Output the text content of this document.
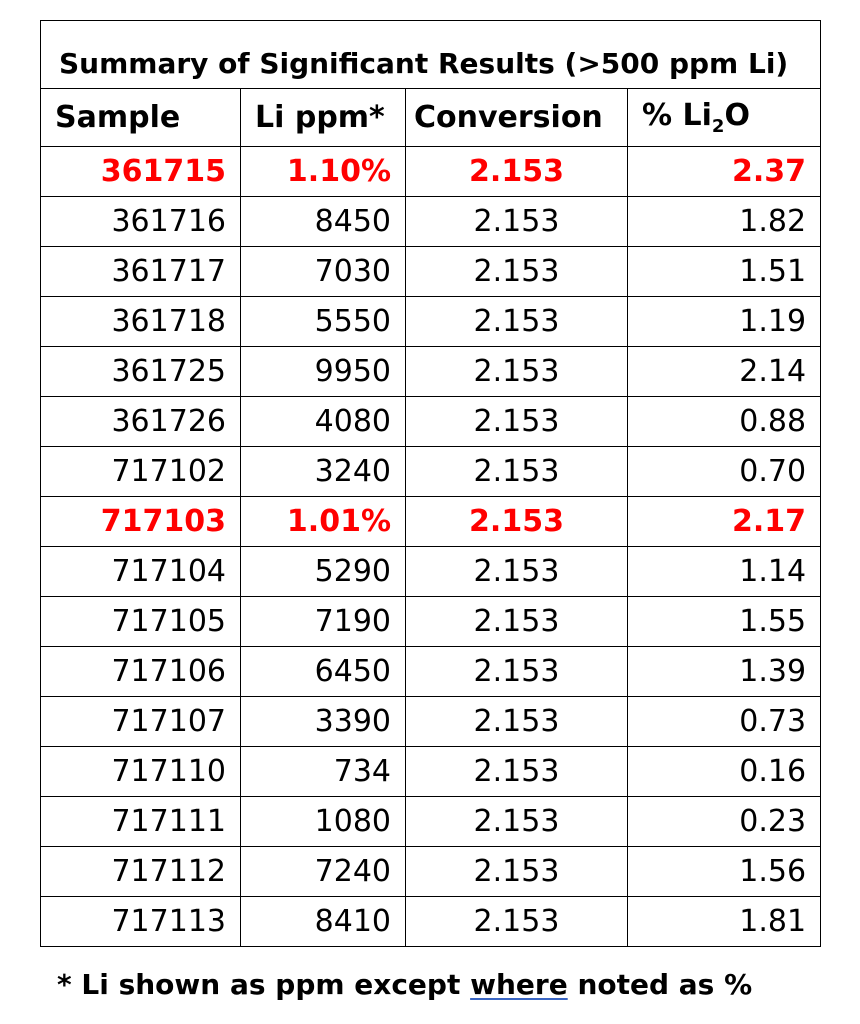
Summary of Significant Results (>500 ppm Li)			
Sample	Li ppm*	Conversion	% $Li_2O$
361715	1.10%	2.153	2.37
361716	8450	2.153	1.82
361717	7030	2.153	1.51
361718	5550	2.153	1.19
361725	9950	2.153	2.14
361726	4080	2.153	0.88
717102	3240	2.153	0.70
717103	1.01%	2.153	2.17
717104	5290	2.153	1.14
717105	7190	2.153	1.55
717106	6450	2.153	1.39
717107	3390	2.153	0.73
717110	734	2.153	0.16
717111	1080	2.153	0.23
717112	7240	2.153	1.56
717113	8410	2.153	1.81
* Li shown as ppm except where noted as %
